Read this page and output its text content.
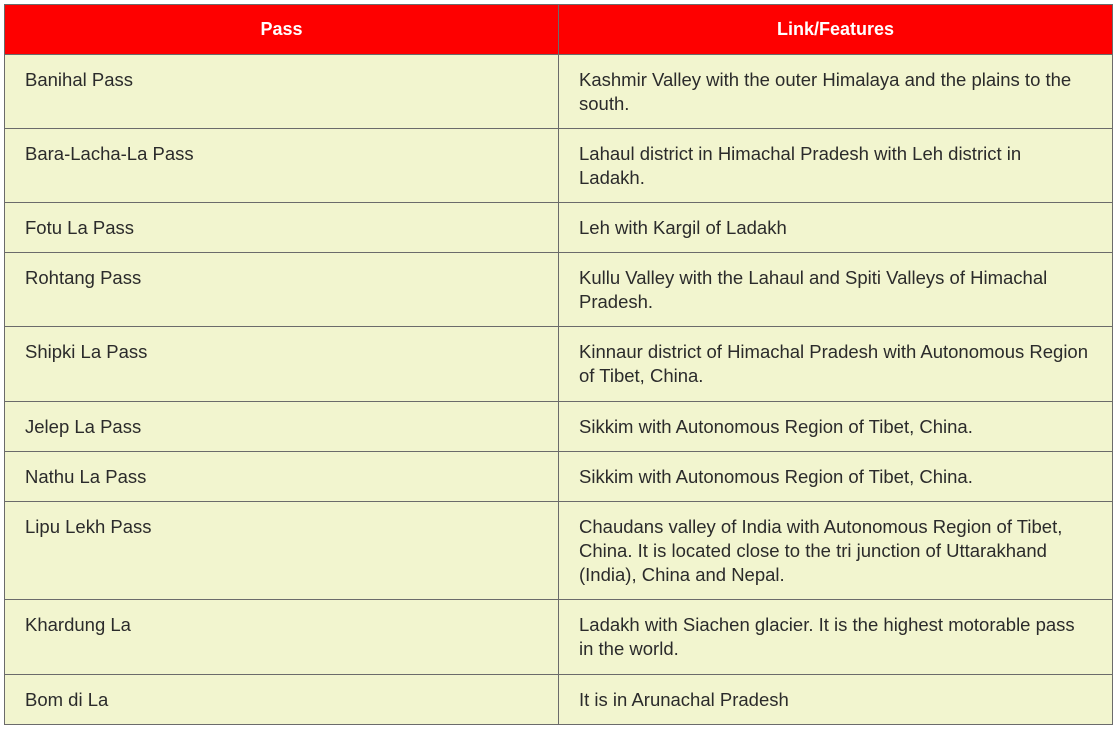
Pass	Link/Features
Banihal Pass	Kashmir Valley with the outer Himalaya and the plains to the south.
Bara-Lacha-La Pass	Lahaul district in Himachal Pradesh with Leh district in Ladakh.
Fotu La Pass	Leh with Kargil of Ladakh
Rohtang Pass	Kullu Valley with the Lahaul and Spiti Valleys of Himachal Pradesh.
Shipki La Pass	Kinnaur district of Himachal Pradesh with Autonomous Region of Tibet, China.
Jelep La Pass	Sikkim with Autonomous Region of Tibet, China.
Nathu La Pass	Sikkim with Autonomous Region of Tibet, China.
Lipu Lekh Pass	Chaudans valley of India with Autonomous Region of Tibet, China. It is located close to the tri junction of Uttarakhand (India), China and Nepal.
Khardung La	Ladakh with Siachen glacier. It is the highest motorable pass in the world.
Bom di La	It is in Arunachal Pradesh
